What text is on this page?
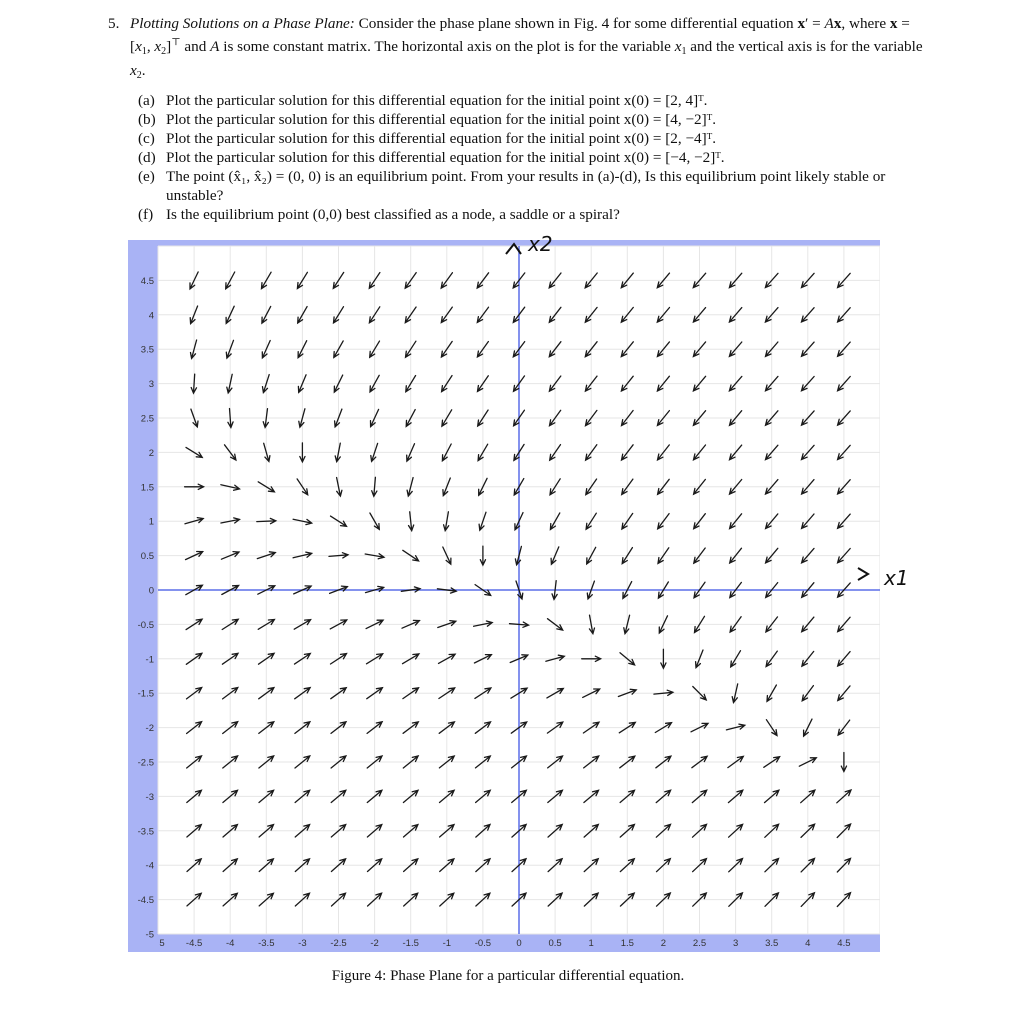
5. Plotting Solutions on a Phase Plane: Consider the phase plane shown in Fig. 4 for some differential equation x′ = Ax, where $x = [x_1$, $x_2]^⊤$ and A is some constant matrix. The horizontal axis on the plot is for the variable $x_1$ and the vertical axis is for the variable $x_2$.

(a) Plot the particular solution for this differential equation for the initial point x(0) = [2, 4]ᵀ.
(b) Plot the particular solution for this differential equation for the initial point x(0) = [4, −2]ᵀ.
(c) Plot the particular solution for this differential equation for the initial point x(0) = [2, −4]ᵀ.
(d) Plot the particular solution for this differential equation for the initial point x(0) = [−4, −2]ᵀ.
(e) The point (x̂₁, x̂₂) = (0, 0) is an equilibrium point. From your results in (a)-(d), Is this equilibrium point likely stable or unstable?
(f) Is the equilibrium point (0,0) best classified as a node, a saddle or a spiral?
5 -4.5 -4 -3.5 -3 -2.5 -2 -1.5 -1 -0.5	0	0.5	1	1.5	2	2.5	3	3.5	4	4.5
4.5
4
3.5
3
2.5
2
1.5
1
0.5
0
-0.5
-1
-1.5
-2
-2.5
-3
-3.5
-4
-4.5
-5
x2
x1
Figure 4: Phase Plane for a particular differential equation.
